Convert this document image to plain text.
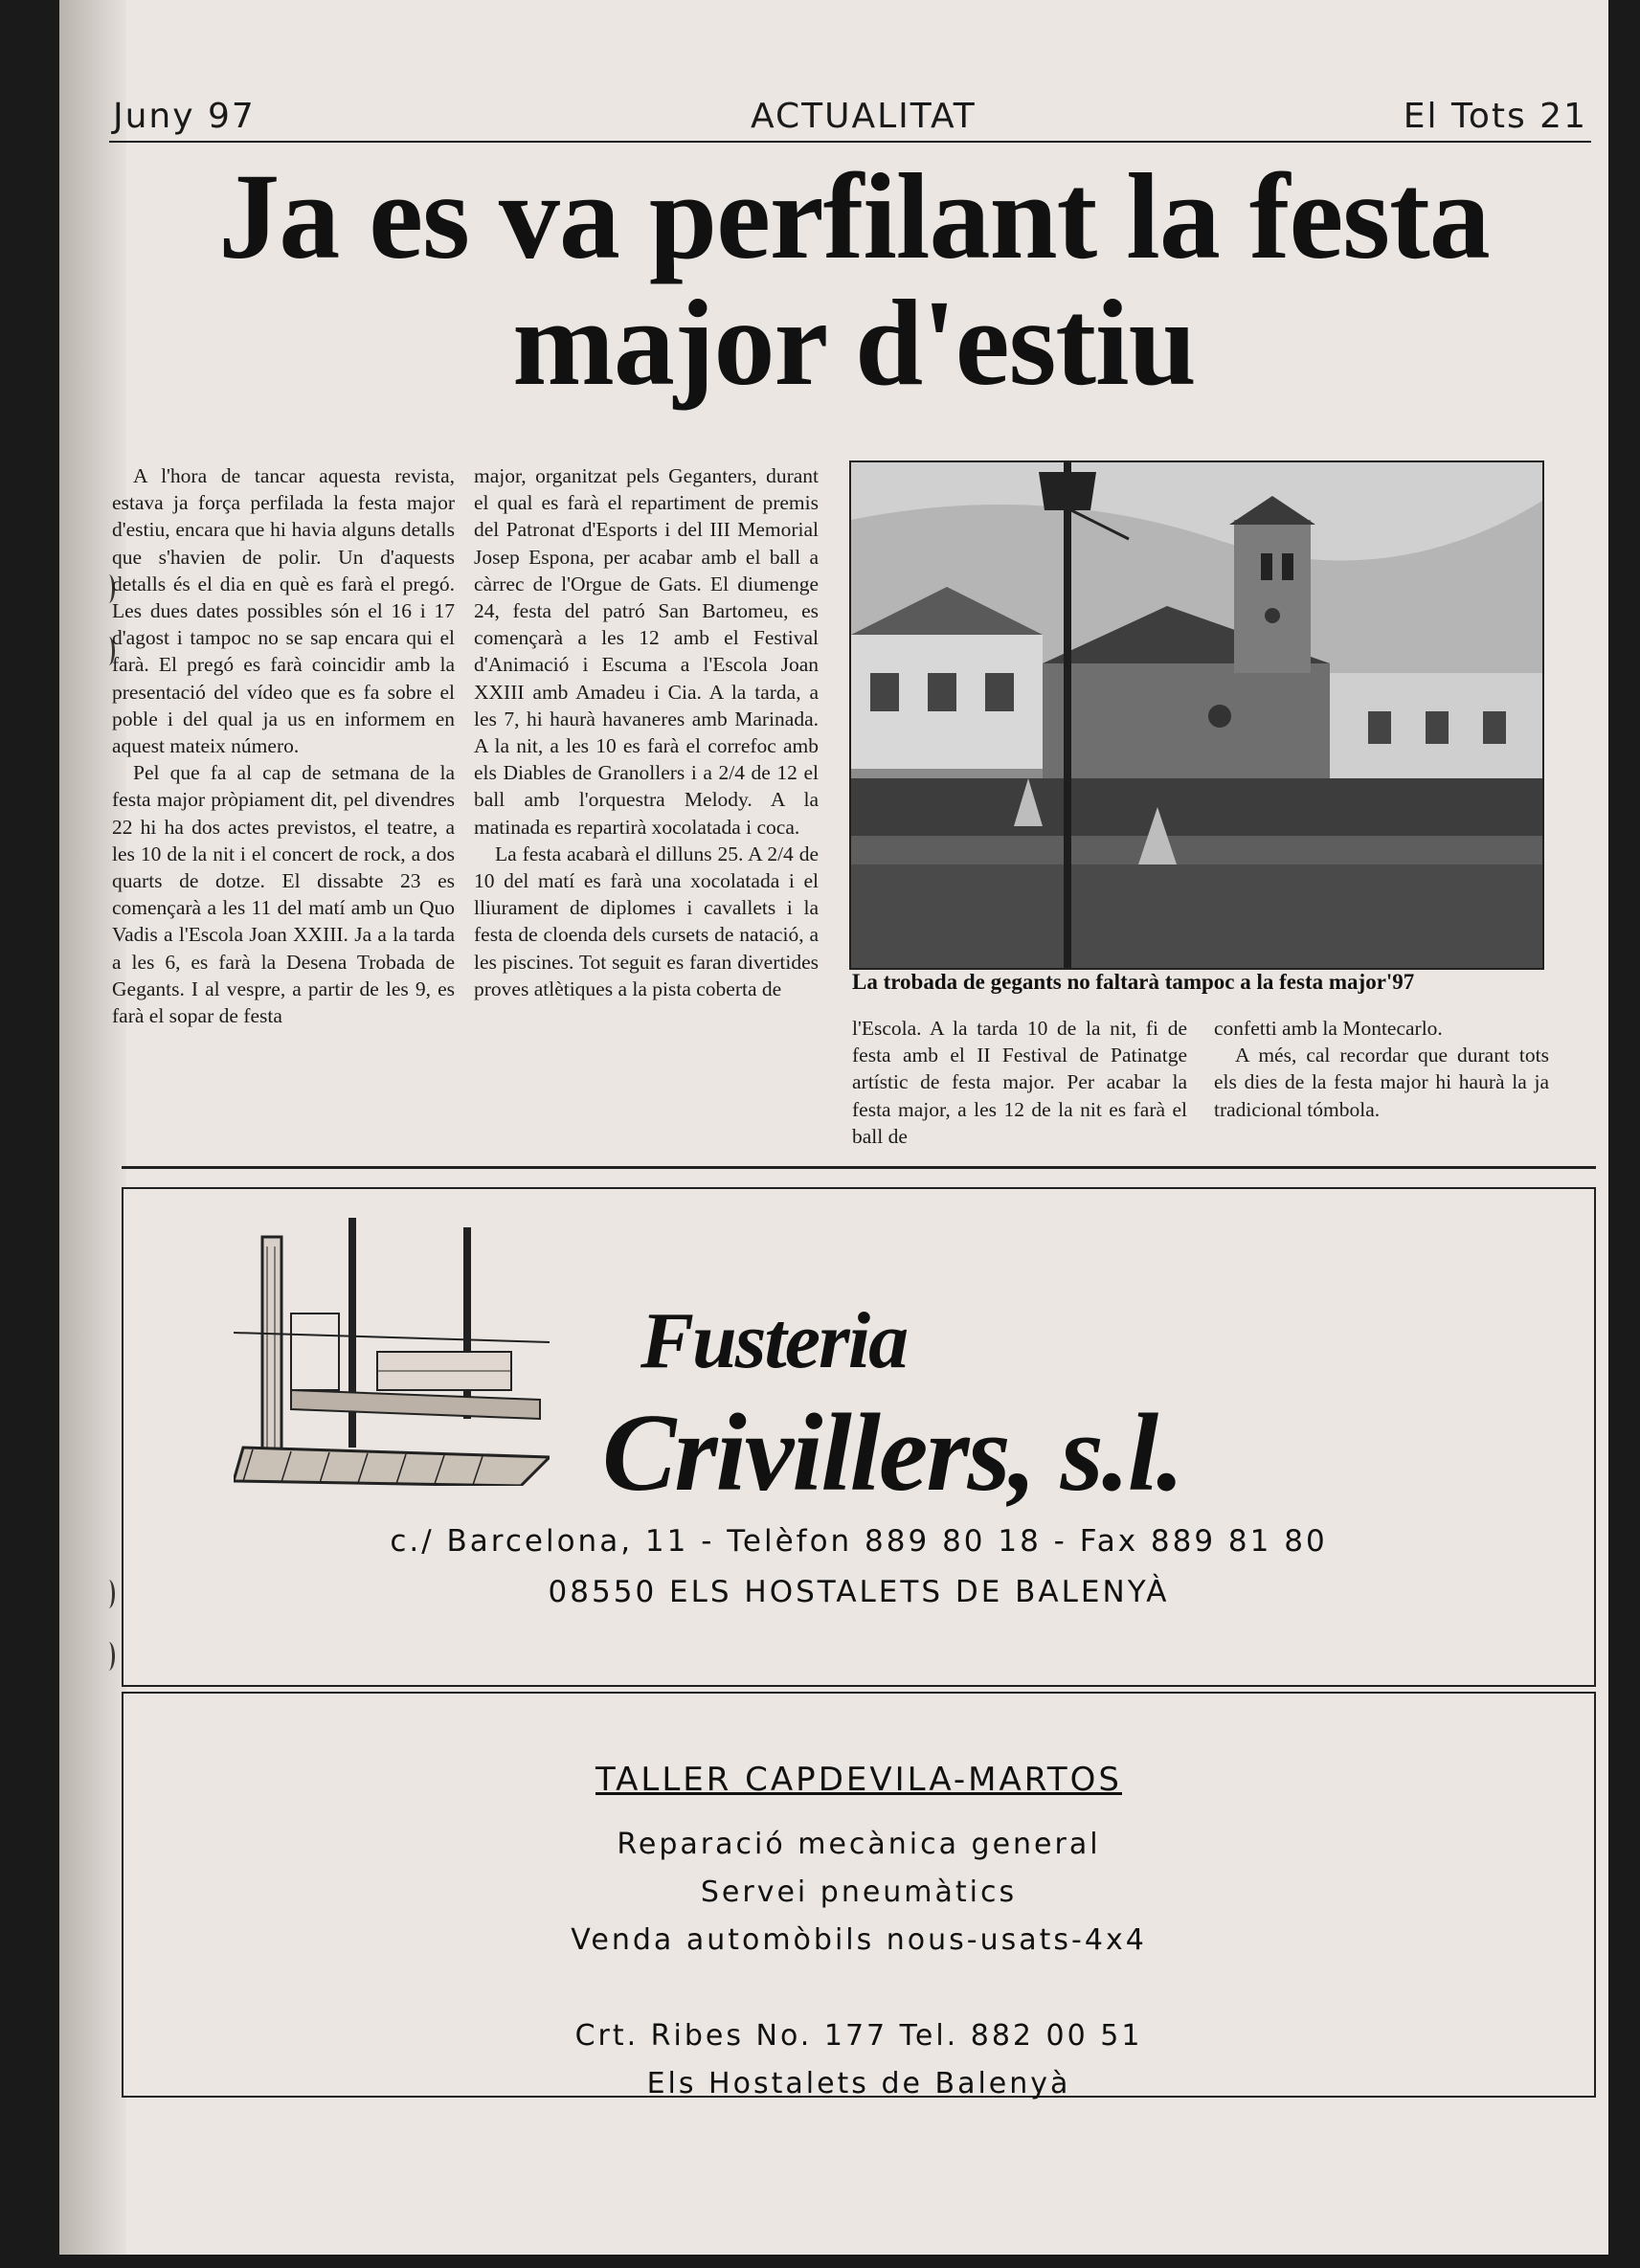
Juny 97	ACTUALITAT	El Tots 21
Ja es va perfilant la festa major d'estiu

A l'hora de tancar aquesta revista, estava ja força perfilada la festa major d'estiu, encara que hi havia alguns detalls que s'havien de polir. Un d'aquests detalls és el dia en què es farà el pregó. Les dues dates possibles són el 16 i 17 d'agost i tampoc no se sap encara qui el farà. El pregó es farà coincidir amb la presentació del vídeo que es fa sobre el poble i del qual ja us en informem en aquest mateix número.

Pel que fa al cap de setmana de la festa major pròpiament dit, pel divendres 22 hi ha dos actes previstos, el teatre, a les 10 de la nit i el concert de rock, a dos quarts de dotze. El dissabte 23 es començarà a les 11 del matí amb un Quo Vadis a l'Escola Joan XXIII. Ja a la tarda a les 6, es farà la Desena Trobada de Gegants. I al vespre, a partir de les 9, es farà el sopar de festa

major, organitzat pels Geganters, durant el qual es farà el repartiment de premis del Patronat d'Esports i del III Memorial Josep Espona, per acabar amb el ball a càrrec de l'Orgue de Gats. El diumenge 24, festa del patró San Bartomeu, es començarà a les 12 amb el Festival d'Animació i Escuma a l'Escola Joan XXIII amb Amadeu i Cia. A la tarda, a les 7, hi haurà havaneres amb Marinada. A la nit, a les 10 es farà el correfoc amb els Diables de Granollers i a 2/4 de 12 el ball amb l'orquestra Melody. A la matinada es repartirà xocolatada i coca.

La festa acabarà el dilluns 25. A 2/4 de 10 del matí es farà una xocolatada i el lliurament de diplomes i cavallets i la festa de cloenda dels cursets de natació, a les piscines. Tot seguit es faran divertides proves atlètiques a la pista coberta de	La trobada de gegants no faltarà tampoc a la festa major'97

l'Escola. A la tarda 10 de la nit, fi de festa amb el II Festival de Patinatge artístic de festa major. Per acabar la festa major, a les 12 de la nit es farà el ball de

confetti amb la Montecarlo.

A més, cal recordar que durant tots els dies de la festa major hi haurà la ja tradicional tómbola.

Fusteria
Crivillers, s.l.
c./ Barcelona, 11 - Telèfon 889 80 18 - Fax 889 81 80
08550 ELS HOSTALETS DE BALENYÀ
TALLER CAPDEVILA-MARTOS
Reparació mecànica general
Servei pneumàtics
Venda automòbils nous-usats-4x4
Crt. Ribes No. 177 Tel. 882 00 51
Els Hostalets de Balenyà
